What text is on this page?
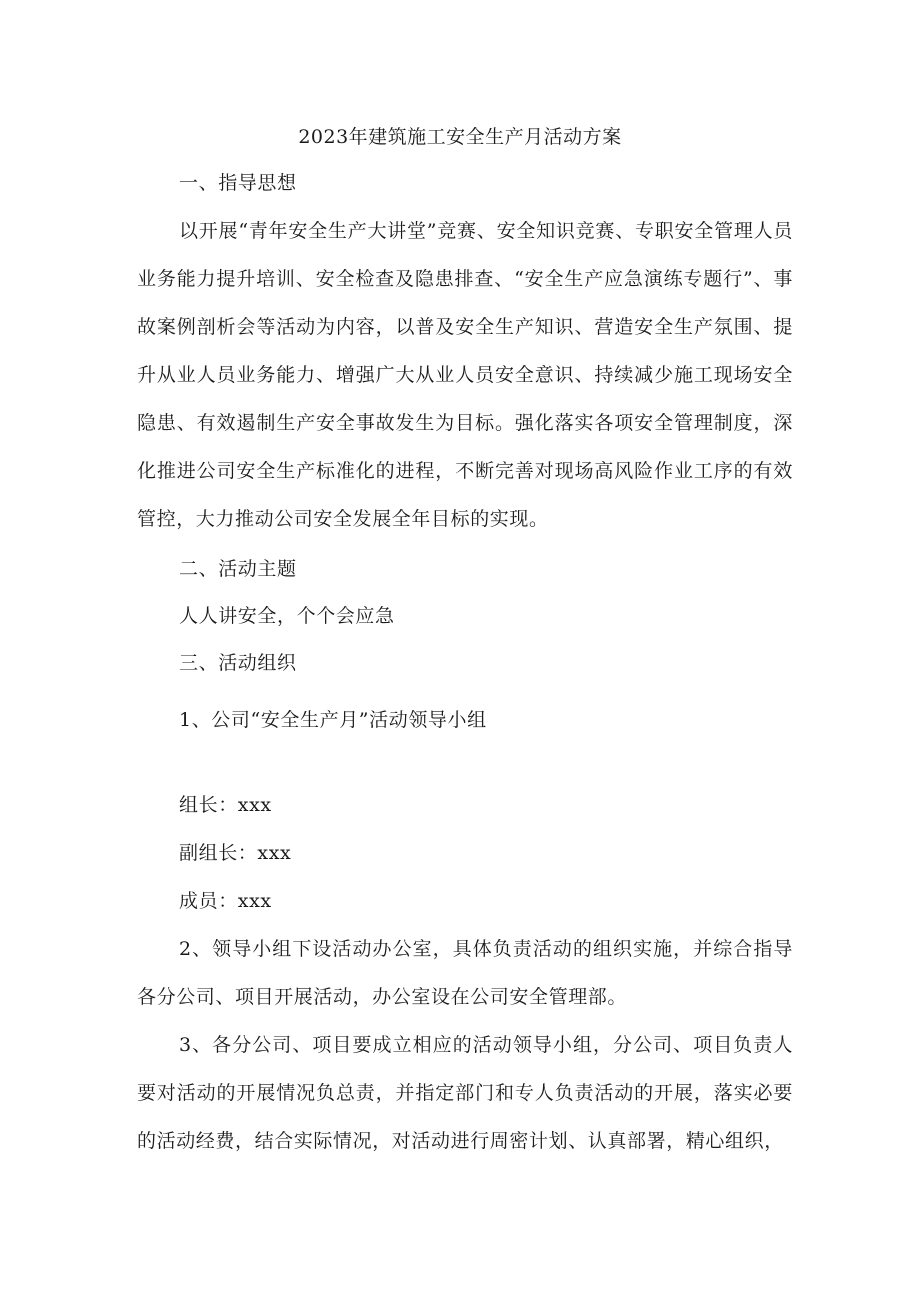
2023年建筑施工安全生产月活动方案
一、指导思想
以开展“青年安全生产大讲堂”竞赛、安全知识竞赛、专职安全管理人员业务能力提升培训、安全检查及隐患排查、“安全生产应急演练专题行”、事故案例剖析会等活动为内容，以普及安全生产知识、营造安全生产氛围、提升从业人员业务能力、增强广大从业人员安全意识、持续减少施工现场安全隐患、有效遏制生产安全事故发生为目标。强化落实各项安全管理制度，深化推进公司安全生产标准化的进程，不断完善对现场高风险作业工序的有效管控，大力推动公司安全发展全年目标的实现。
二、活动主题
人人讲安全，个个会应急
三、活动组织
1、公司“安全生产月”活动领导小组
组长：xxx
副组长：xxx
成员：xxx
2、领导小组下设活动办公室，具体负责活动的组织实施，并综合指导各分公司、项目开展活动，办公室设在公司安全管理部。
3、各分公司、项目要成立相应的活动领导小组，分公司、项目负责人要对活动的开展情况负总责，并指定部门和专人负责活动的开展，落实必要的活动经费，结合实际情况，对活动进行周密计划、认真部署，精心组织，
